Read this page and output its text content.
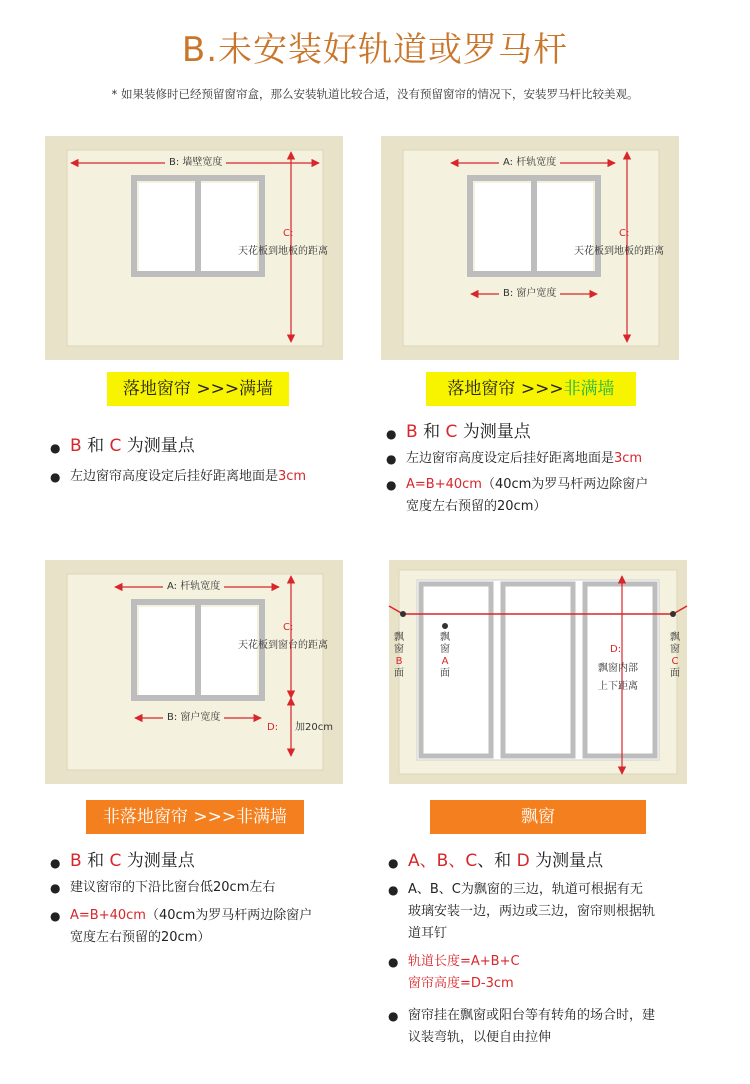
B.未安装好轨道或罗马杆
* 如果装修时已经预留窗帘盒，那么安装轨道比较合适，没有预留窗帘的情况下，安装罗马杆比较美观。
B: 墙壁宽度
C:
天花板到地板的距离
落地窗帘 >>>满墙
● B 和 C 为测量点
● 左边窗帘高度设定后挂好距离地面是3cm
A: 杆轨宽度
B: 窗户宽度
C:
天花板到地板的距离
落地窗帘 >>>非满墙
● B 和 C 为测量点
● 左边窗帘高度设定后挂好距离地面是3cm
● A=B+40cm（40cm为罗马杆两边除窗户
宽度左右预留的20cm）
A: 杆轨宽度
B: 窗户宽度
C:
天花板到窗台的距离
D: 加20cm
非落地窗帘 >>>非满墙
● B 和 C 为测量点
● 建议窗帘的下沿比窗台低20cm左右
● A=B+40cm（40cm为罗马杆两边除窗户
宽度左右预留的20cm）
飘
窗
B
面
飘
窗
A
面
飘
窗
C
面
D:
飘窗内部
上下距离
飘窗
● A、B、C、和 D 为测量点
● A、B、C为飘窗的三边，轨道可根据有无
玻璃安装一边，两边或三边，窗帘则根据轨
道耳钉
● 轨道长度=A+B+C
窗帘高度=D-3cm
● 窗帘挂在飘窗或阳台等有转角的场合时，建
议装弯轨，以便自由拉伸
